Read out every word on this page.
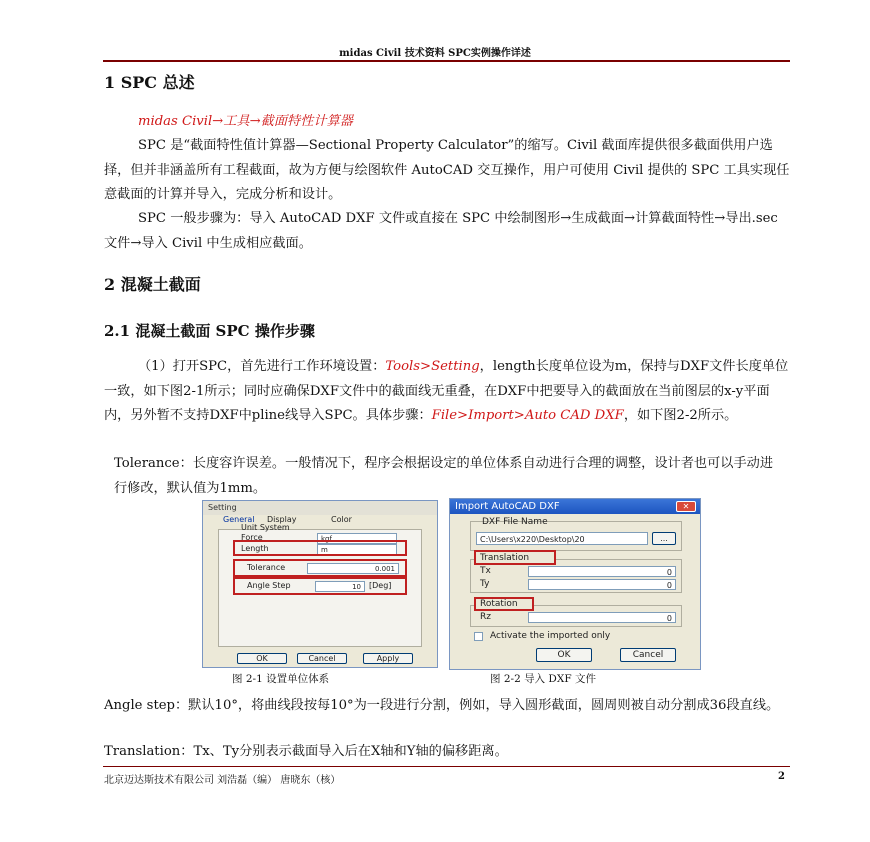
midas Civil 技术资料 SPC实例操作详述
1 SPC 总述
midas Civil→工具→截面特性计算器
SPC 是“截面特性值计算器—Sectional Property Calculator”的缩写。Civil 截面库提供很多截面供用户选择，但并非涵盖所有工程截面，故为方便与绘图软件 AutoCAD 交互操作，用户可使用 Civil 提供的 SPC 工具实现任意截面的计算并导入，完成分析和设计。
SPC 一般步骤为：导入 AutoCAD DXF 文件或直接在 SPC 中绘制图形→生成截面→计算截面特性→导出.sec 文件→导入 Civil 中生成相应截面。
2 混凝土截面
2.1 混凝土截面 SPC 操作步骤
（1）打开SPC，首先进行工作环境设置：Tools>Setting，length长度单位设为m，保持与DXF文件长度单位一致，如下图2-1所示；同时应确保DXF文件中的截面线无重叠，在DXF中把要导入的截面放在当前图层的x-y平面内，另外暂不支持DXF中pline线导入SPC。具体步骤：File>Import>Auto CAD DXF，如下图2-2所示。
Tolerance：长度容许误差。一般情况下，程序会根据设定的单位体系自动进行合理的调整，设计者也可以手动进行修改，默认值为1mm。
Setting
General Display	Color
Unit System
Force	kgf
Length	m
Tolerance	0.001
Angle Step	10	[Deg]
OK	Cancel	Apply
Import AutoCAD DXF	✕
DXF File Name
C:\Users\x220\Desktop\20	...
Translation
Tx	0
Ty	0
Rotation
Rz	0
Activate the imported only
OK	Cancel
图 2-1 设置单位体系	图 2-2 导入 DXF 文件
Angle step：默认10°，将曲线段按每10°为一段进行分割，例如，导入圆形截面，圆周则被自动分割成36段直线。
Translation：Tx、Ty分别表示截面导入后在X轴和Y轴的偏移距离。
北京迈达斯技术有限公司 刘浩磊（编） 唐晓东（核）	2
